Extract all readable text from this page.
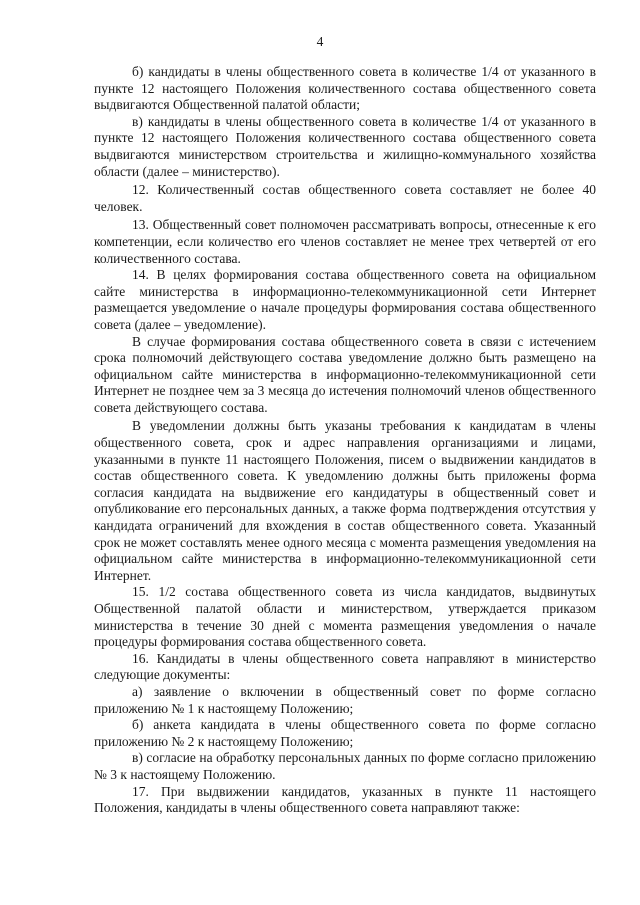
4

б) кандидаты в члены общественного совета в количестве 1/4 от указанного в пункте 12 настоящего Положения количественного состава общественного совета выдвигаются Общественной палатой области;

в) кандидаты в члены общественного совета в количестве 1/4 от указанного в пункте 12 настоящего Положения количественного состава общественного совета выдвигаются министерством строительства и жилищно-коммунального хозяйства области (далее – министерство).

12. Количественный состав общественного совета составляет не более 40 человек.

13. Общественный совет полномочен рассматривать вопросы, отнесенные к его компетенции, если количество его членов составляет не менее трех четвертей от его количественного состава.

14. В целях формирования состава общественного совета на официальном сайте министерства в информационно-телекоммуникационной сети Интернет размещается уведомление о начале процедуры формирования состава общественного совета (далее – уведомление).

В случае формирования состава общественного совета в связи с истечением срока полномочий действующего состава уведомление должно быть размещено на официальном сайте министерства в информационно-телекоммуникационной сети Интернет не позднее чем за 3 месяца до истечения полномочий членов общественного совета действующего состава.

В уведомлении должны быть указаны требования к кандидатам в члены общественного совета, срок и адрес направления организациями и лицами, указанными в пункте 11 настоящего Положения, писем о выдвижении кандидатов в состав общественного совета. К уведомлению должны быть приложены форма согласия кандидата на выдвижение его кандидатуры в общественный совет и опубликование его персональных данных, а также форма подтверждения отсутствия у кандидата ограничений для вхождения в состав общественного совета. Указанный срок не может составлять менее одного месяца с момента размещения уведомления на официальном сайте министерства в информационно-телекоммуникационной сети Интернет.

15. 1/2 состава общественного совета из числа кандидатов, выдвинутых Общественной палатой области и министерством, утверждается приказом министерства в течение 30 дней с момента размещения уведомления о начале процедуры формирования состава общественного совета.

16. Кандидаты в члены общественного совета направляют в министерство следующие документы:

а) заявление о включении в общественный совет по форме согласно приложению № 1 к настоящему Положению;

б) анкета кандидата в члены общественного совета по форме согласно приложению № 2 к настоящему Положению;

в) согласие на обработку персональных данных по форме согласно приложению № 3 к настоящему Положению.

17. При выдвижении кандидатов, указанных в пункте 11 настоящего Положения, кандидаты в члены общественного совета направляют также:
